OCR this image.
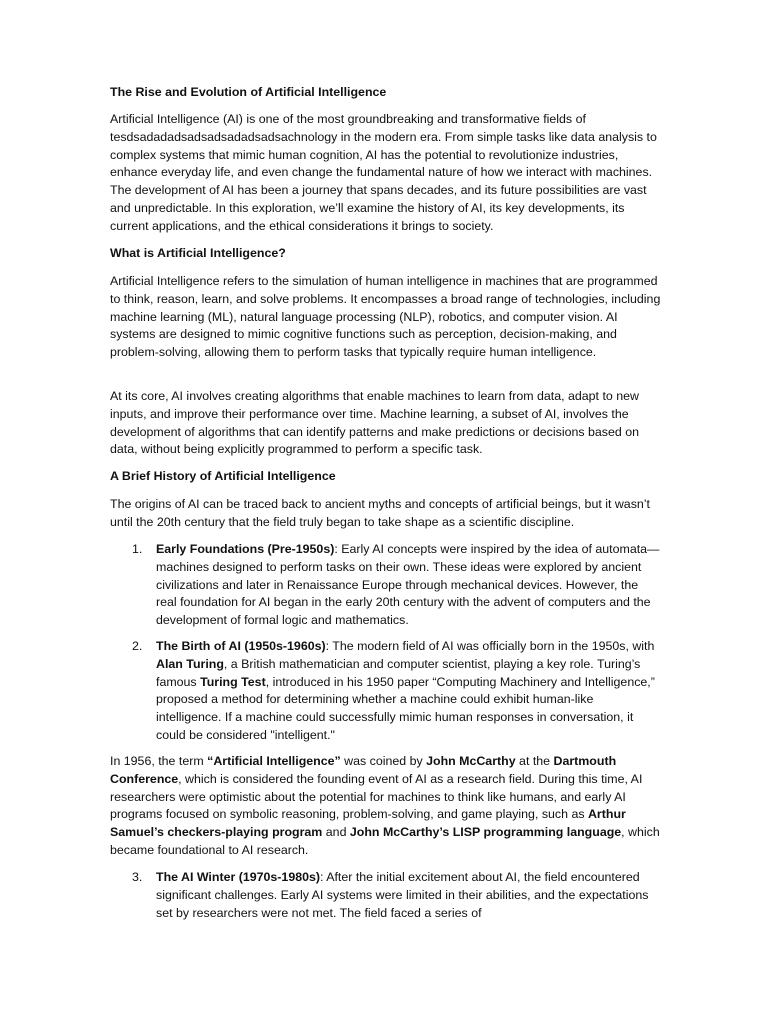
The Rise and Evolution of Artificial Intelligence

Artificial Intelligence (AI) is one of the most groundbreaking and transformative fields of tesdsadadadsadsadsadadsadsachnology in the modern era. From simple tasks like data analysis to complex systems that mimic human cognition, AI has the potential to revolutionize industries, enhance everyday life, and even change the fundamental nature of how we interact with machines. The development of AI has been a journey that spans decades, and its future possibilities are vast and unpredictable. In this exploration, we’ll examine the history of AI, its key developments, its current applications, and the ethical considerations it brings to society.

What is Artificial Intelligence?

Artificial Intelligence refers to the simulation of human intelligence in machines that are programmed to think, reason, learn, and solve problems. It encompasses a broad range of technologies, including machine learning (ML), natural language processing (NLP), robotics, and computer vision. AI systems are designed to mimic cognitive functions such as perception, decision-making, and problem-solving, allowing them to perform tasks that typically require human intelligence.

At its core, AI involves creating algorithms that enable machines to learn from data, adapt to new inputs, and improve their performance over time. Machine learning, a subset of AI, involves the development of algorithms that can identify patterns and make predictions or decisions based on data, without being explicitly programmed to perform a specific task.

A Brief History of Artificial Intelligence

The origins of AI can be traced back to ancient myths and concepts of artificial beings, but it wasn’t until the 20th century that the field truly began to take shape as a scientific discipline.

1.	Early Foundations (Pre-1950s): Early AI concepts were inspired by the idea of automata—machines designed to perform tasks on their own. These ideas were explored by ancient civilizations and later in Renaissance Europe through mechanical devices. However, the real foundation for AI began in the early 20th century with the advent of computers and the development of formal logic and mathematics.
2.	The Birth of AI (1950s-1960s): The modern field of AI was officially born in the 1950s, with Alan Turing, a British mathematician and computer scientist, playing a key role. Turing’s famous Turing Test, introduced in his 1950 paper “Computing Machinery and Intelligence,” proposed a method for determining whether a machine could exhibit human-like intelligence. If a machine could successfully mimic human responses in conversation, it could be considered "intelligent."

In 1956, the term “Artificial Intelligence” was coined by John McCarthy at the Dartmouth Conference, which is considered the founding event of AI as a research field. During this time, AI researchers were optimistic about the potential for machines to think like humans, and early AI programs focused on symbolic reasoning, problem-solving, and game playing, such as Arthur Samuel’s checkers-playing program and John McCarthy’s LISP programming language, which became foundational to AI research.

3.	The AI Winter (1970s-1980s): After the initial excitement about AI, the field encountered significant challenges. Early AI systems were limited in their abilities, and the expectations set by researchers were not met. The field faced a series of
